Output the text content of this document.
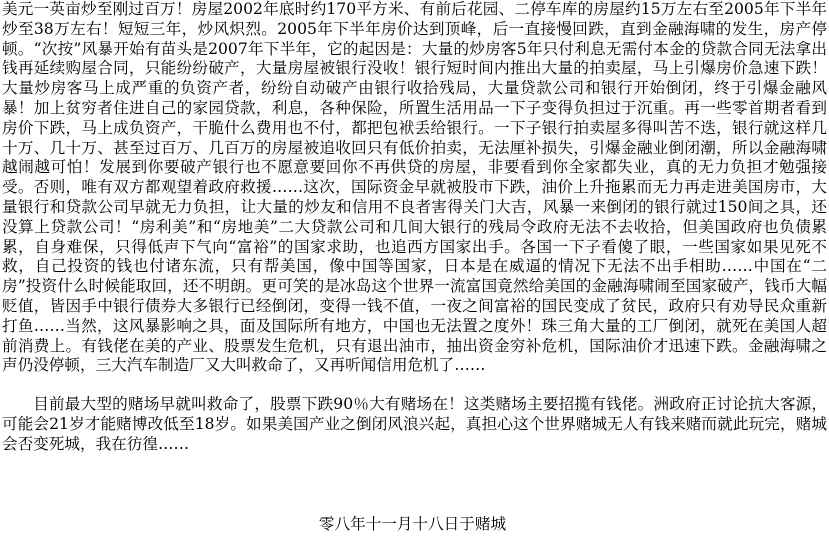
美元一英亩炒至刚过百万！房屋2002年底时约170平方米、有前后花园、二停车库的房屋约15万左右至2005年下半年炒至38万左右！短短三年，炒风炽烈。2005年下半年房价达到顶峰，后一直接慢回跌，直到金融海啸的发生，房产停顿。“次按”风暴开始有苗头是2007年下半年，它的起因是：大量的炒房客5年只付利息无需付本金的贷款合同无法拿出钱再延续购屋合同，只能纷纷破产，大量房屋被银行没收！银行短时间内推出大量的拍卖屋，马上引爆房价急速下跌！大量炒房客马上成严重的负资产者，纷纷自动破产由银行收拾残局，大量贷款公司和银行开始倒闭，终于引爆金融风暴！加上贫穷者住进自己的家园贷款，利息，各种保险，所置生活用品一下子变得负担过于沉重。再一些零首期者看到房价下跌，马上成负资产，干脆什么费用也不付，都把包袱丢给银行。一下子银行拍卖屋多得叫苦不迭，银行就这样几十万、几十万、甚至过百万、几百万的房屋被追收回只有低价拍卖，无法厘补损失，引爆金融业倒闭潮，所以金融海啸越闹越可怕！发展到你要破产银行也不愿意要回你不再供贷的房屋，非要看到你全家都失业，真的无力负担才勉强接受。否则，唯有双方都观望着政府救援……这次，国际资金早就被股市下跌，油价上升拖累而无力再走进美国房市，大量银行和贷款公司早就无力负担，让大量的炒友和信用不良者害得关门大吉，风暴一来倒闭的银行就过150间之具，还没算上贷款公司！“房利美”和“房地美”二大贷款公司和几间大银行的残局令政府无法不去收拾，但美国政府也负债累累，自身难保，只得低声下气向“富裕”的国家求助，也追西方国家出手。各国一下子看傻了眼，一些国家如果见死不救，自己投资的钱也付诸东流，只有帮美国，像中国等国家，日本是在威逼的情况下无法不出手相助……中国在“二房”投资什么时候能取回，还不明朗。更可笑的是冰岛这个世界一流富国竟然给美国的金融海啸闹至国家破产，钱币大幅贬值，皆因手中银行债券大多银行已经倒闭，变得一钱不值，一夜之间富裕的国民变成了贫民，政府只有劝导民众重新打鱼……当然，这风暴影响之具，面及国际所有地方，中国也无法置之度外！珠三角大量的工厂倒闭，就死在美国人超前消费上。有钱佬在美的产业、股票发生危机，只有退出油市，抽出资金穷补危机，国际油价才迅速下跌。金融海啸之声仍没停顿，三大汽车制造厂又大叫救命了，又再听闻信用危机了……

目前最大型的赌场早就叫救命了，股票下跌90％大有赌场在！这类赌场主要招揽有钱佬。洲政府正讨论抗大客源，可能会21岁才能赌博改低至18岁。如果美国产业之倒闭风浪兴起，真担心这个世界赌城无人有钱来赌而就此玩完，赌城会否变死城，我在彷徨……

零八年十一月十八日于赌城
